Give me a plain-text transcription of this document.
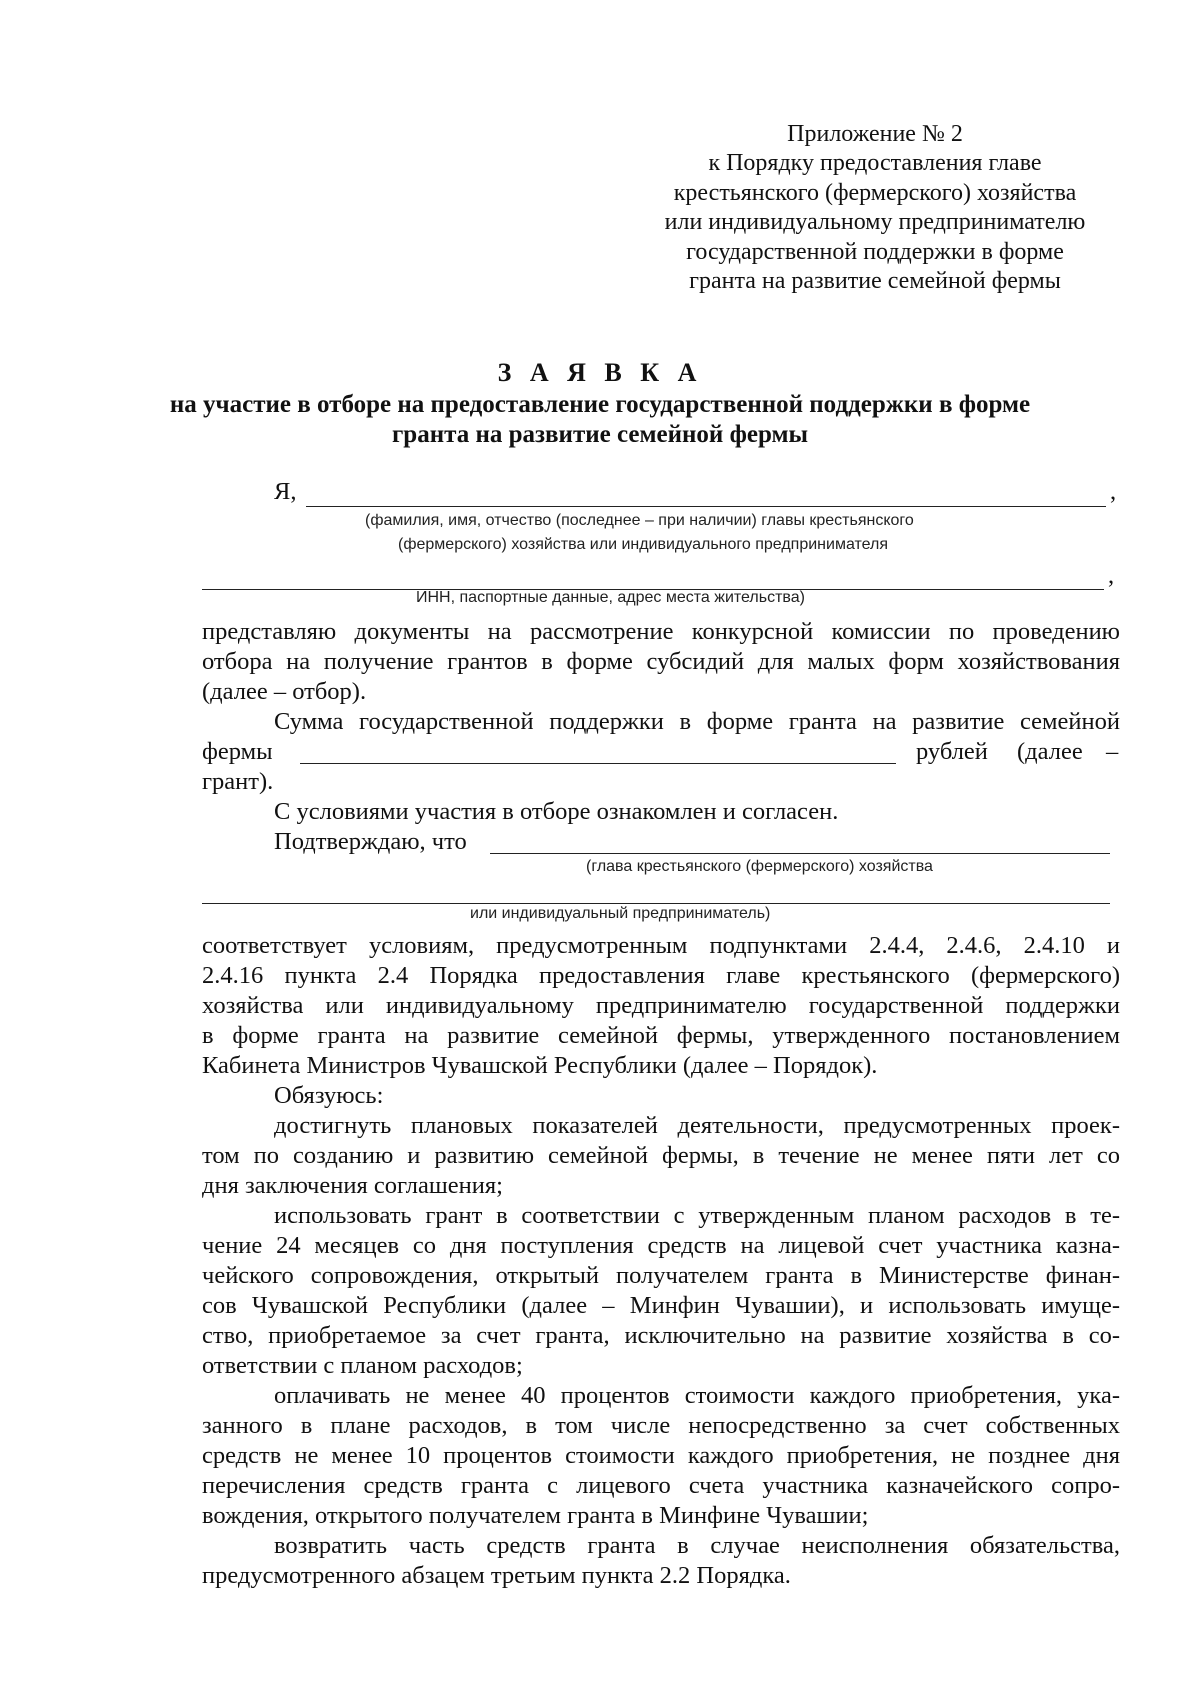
Приложение № 2
к Порядку предоставления главе
крестьянского (фермерского) хозяйства
или индивидуальному предпринимателю
государственной поддержки в форме
гранта на развитие семейной фермы
З А Я В К А
на участие в отборе на предоставление государственной поддержки в форме
гранта на развитие семейной фермы
Я,	,
(фамилия, имя, отчество (последнее – при наличии) главы крестьянского
(фермерского) хозяйства или индивидуального предпринимателя
,
ИНН, паспортные данные, адрес места жительства)
представляю документы на рассмотрение конкурсной комиссии по проведению
отбора на получение грантов в форме субсидий для малых форм хозяйствования
(далее – отбор).
Сумма государственной поддержки в форме гранта на развитие семейной
фермы	рублей (далее –
грант).
С условиями участия в отборе ознакомлен и согласен.
Подтверждаю, что
(глава крестьянского (фермерского) хозяйства
или индивидуальный предприниматель)
соответствует условиям, предусмотренным подпунктами 2.4.4, 2.4.6, 2.4.10 и
2.4.16 пункта 2.4 Порядка предоставления главе крестьянского (фермерского)
хозяйства или индивидуальному предпринимателю государственной поддержки
в форме гранта на развитие семейной фермы, утвержденного постановлением
Кабинета Министров Чувашской Республики (далее – Порядок).
Обязуюсь:
достигнуть плановых показателей деятельности, предусмотренных проек-
том по созданию и развитию семейной фермы, в течение не менее пяти лет со
дня заключения соглашения;
использовать грант в соответствии с утвержденным планом расходов в те-
чение 24 месяцев со дня поступления средств на лицевой счет участника казна-
чейского сопровождения, открытый получателем гранта в Министерстве финан-
сов Чувашской Республики (далее – Минфин Чувашии), и использовать имуще-
ство, приобретаемое за счет гранта, исключительно на развитие хозяйства в со-
ответствии с планом расходов;
оплачивать не менее 40 процентов стоимости каждого приобретения, ука-
занного в плане расходов, в том числе непосредственно за счет собственных
средств не менее 10 процентов стоимости каждого приобретения, не позднее дня
перечисления средств гранта с лицевого счета участника казначейского сопро-
вождения, открытого получателем гранта в Минфине Чувашии;
возвратить часть средств гранта в случае неисполнения обязательства,
предусмотренного абзацем третьим пункта 2.2 Порядка.
